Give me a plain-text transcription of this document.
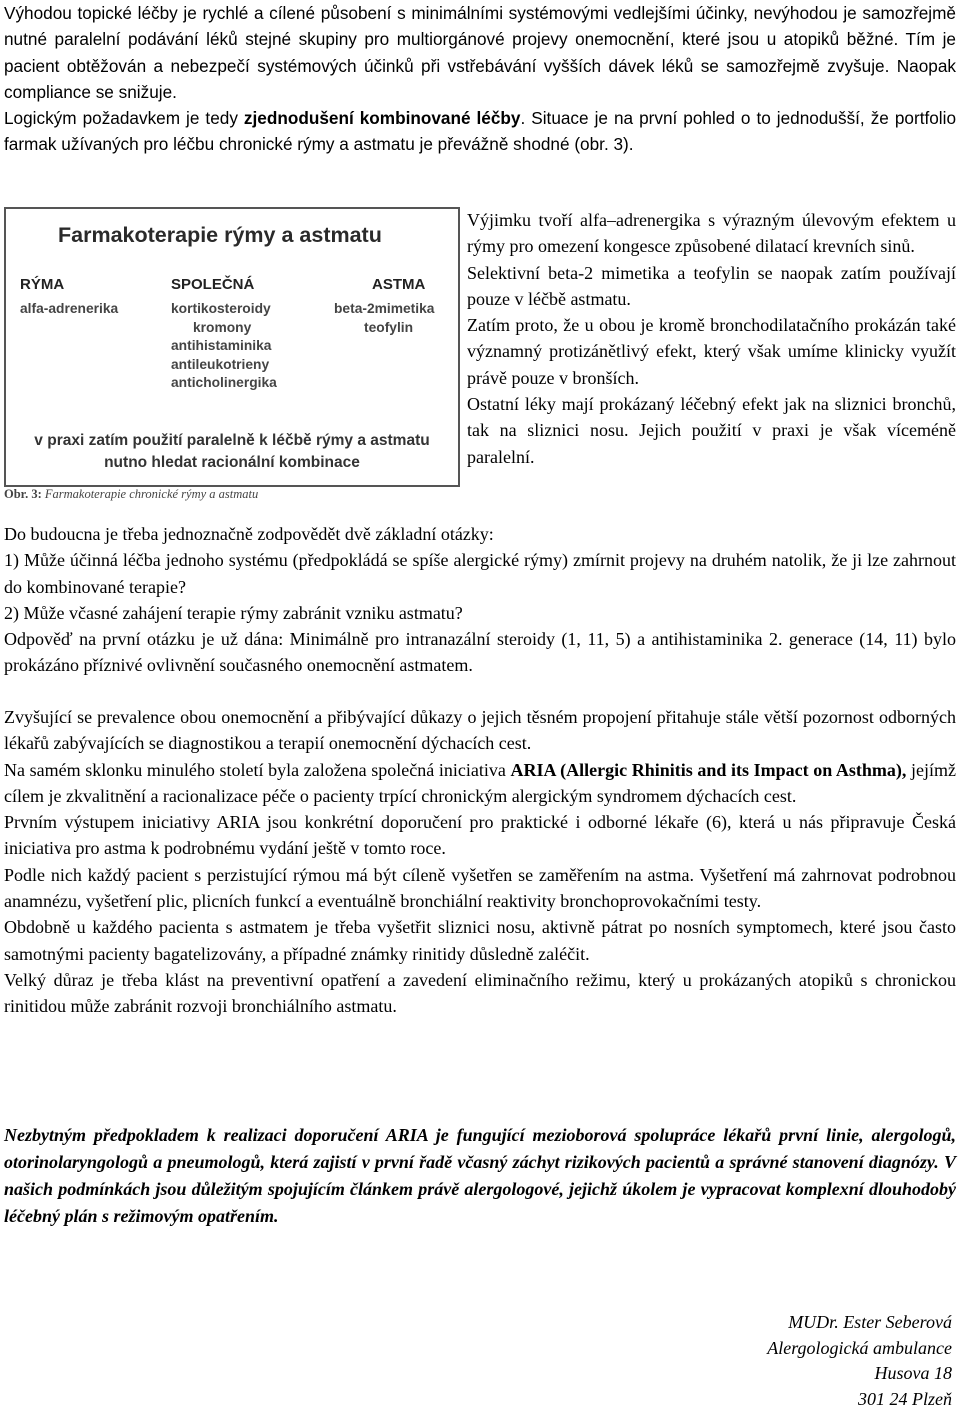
Výhodou topické léčby je rychlé a cílené působení s minimálními systémovými vedlejšími účinky, nevýhodou je samozřejmě nutné paralelní podávání léků stejné skupiny pro multiorgánové projevy onemocnění, které jsou u atopiků běžné. Tím je pacient obtěžován a nebezpečí systémových účinků při vstřebávání vyšších dávek léků se samozřejmě zvyšuje. Naopak compliance se snižuje.

Logickým požadavkem je tedy zjednodušení kombinované léčby. Situace je na první pohled o to jednodušší, že portfolio farmak užívaných pro léčbu chronické rýmy a astmatu je převážně shodné (obr. 3).

Farmakoterapie rýmy a astmatu
RÝMA
alfa-adrenerika
SPOLEČNÁ
kortikosteroidy
kromony
antihistaminika
antileukotrieny
anticholinergika
ASTMA
beta-2mimetika
teofylin
v praxi zatím použití paralelně k léčbě rýmy a astmatu
nutno hledat racionální kombinace
Obr. 3: Farmakoterapie chronické rýmy a astmatu

Výjimku tvoří alfa–adrenergika s výrazným úlevovým efektem u rýmy pro omezení kongesce způsobené dilatací krevních sinů.

Selektivní beta-2 mimetika a teofylin se naopak zatím používají pouze v léčbě astmatu.

Zatím proto, že u obou je kromě bronchodilatačního prokázán také významný protizánětlivý efekt, který však umíme klinicky využít právě pouze v bronších.

Ostatní léky mají prokázaný léčebný efekt jak na sliznici bronchů, tak na sliznici nosu. Jejich použití v praxi je však víceméně paralelní.

Do budoucna je třeba jednoznačně zodpovědět dvě základní otázky:

1) Může účinná léčba jednoho systému (předpokládá se spíše alergické rýmy) zmírnit projevy na druhém natolik, že ji lze zahrnout do kombinované terapie?

2) Může včasné zahájení terapie rýmy zabránit vzniku astmatu?

Odpověď na první otázku je už dána: Minimálně pro intranazální steroidy (1, 11, 5) a antihistaminika 2. generace (14, 11) bylo prokázáno příznivé ovlivnění současného onemocnění astmatem.

Zvyšující se prevalence obou onemocnění a přibývající důkazy o jejich těsném propojení přitahuje stále větší pozornost odborných lékařů zabývajících se diagnostikou a terapií onemocnění dýchacích cest.

Na samém sklonku minulého století byla založena společná iniciativa ARIA (Allergic Rhinitis and its Impact on Asthma), jejímž cílem je zkvalitnění a racionalizace péče o pacienty trpící chronickým alergickým syndromem dýchacích cest.

Prvním výstupem iniciativy ARIA jsou konkrétní doporučení pro praktické i odborné lékaře (6), která u nás připravuje Česká iniciativa pro astma k podrobnému vydání ještě v tomto roce.

Podle nich každý pacient s perzistující rýmou má být cíleně vyšetřen se zaměřením na astma. Vyšetření má zahrnovat podrobnou anamnézu, vyšetření plic, plicních funkcí a eventuálně bronchiální reaktivity bronchoprovokačními testy.

Obdobně u každého pacienta s astmatem je třeba vyšetřit sliznici nosu, aktivně pátrat po nosních symptomech, které jsou často samotnými pacienty bagatelizovány, a případné známky rinitidy důsledně zaléčit.

Velký důraz je třeba klást na preventivní opatření a zavedení eliminačního režimu, který u prokázaných atopiků s chronickou rinitidou může zabránit rozvoji bronchiálního astmatu.

Nezbytným předpokladem k realizaci doporučení ARIA je fungující mezioborová spolupráce lékařů první linie, alergologů, otorinolaryngologů a pneumologů, která zajistí v první řadě včasný záchyt rizikových pacientů a správné stanovení diagnózy. V našich podmínkách jsou důležitým spojujícím článkem právě alergologové, jejichž úkolem je vypracovat komplexní dlouhodobý léčebný plán s režimovým opatřením.

MUDr. Ester Seberová
Alergologická ambulance
Husova 18
301 24 Plzeň
